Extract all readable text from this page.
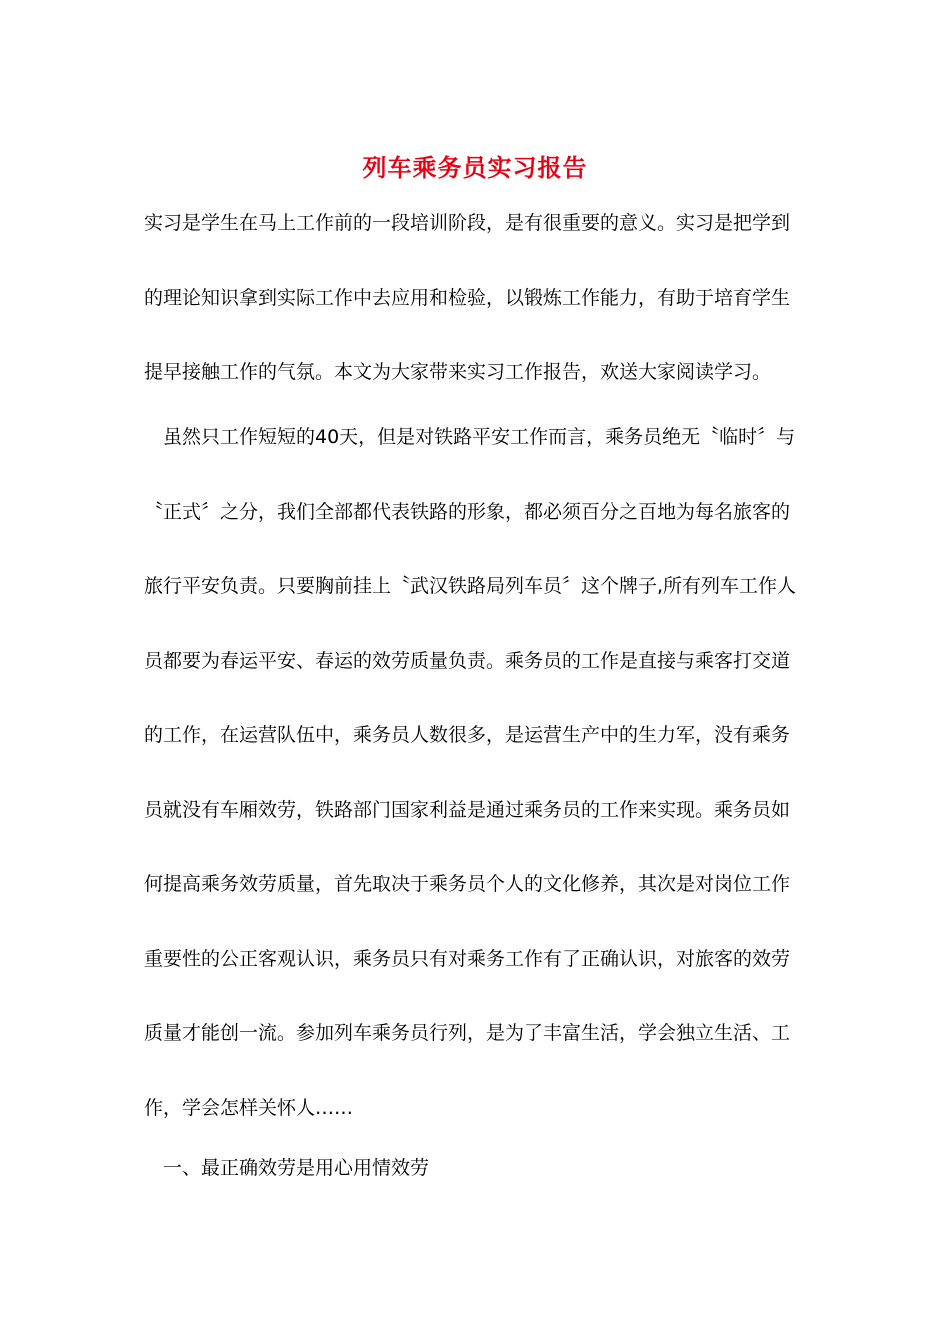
列车乘务员实习报告
实习是学生在马上工作前的一段培训阶段，是有很重要的意义。实习是把学到
的理论知识拿到实际工作中去应用和检验，以锻炼工作能力，有助于培育学生
提早接触工作的气氛。本文为大家带来实习工作报告，欢送大家阅读学习。
虽然只工作短短的40天，但是对铁路平安工作而言，乘务员绝无〝临时〞与
〝正式〞之分，我们全部都代表铁路的形象，都必须百分之百地为每名旅客的
旅行平安负责。只要胸前挂上〝武汉铁路局列车员〞这个牌子,所有列车工作人
员都要为春运平安、春运的效劳质量负责。乘务员的工作是直接与乘客打交道
的工作，在运营队伍中，乘务员人数很多，是运营生产中的生力军，没有乘务
员就没有车厢效劳，铁路部门国家利益是通过乘务员的工作来实现。乘务员如
何提高乘务效劳质量，首先取决于乘务员个人的文化修养，其次是对岗位工作
重要性的公正客观认识，乘务员只有对乘务工作有了正确认识，对旅客的效劳
质量才能创一流。参加列车乘务员行列，是为了丰富生活，学会独立生活、工
作，学会怎样关怀人……
一、最正确效劳是用心用情效劳
